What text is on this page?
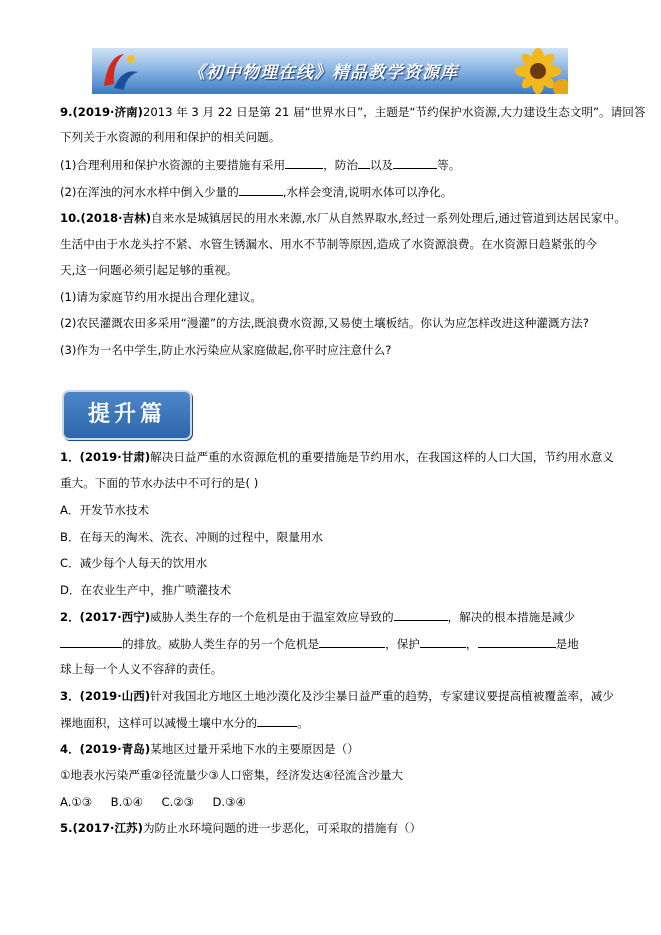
《初中物理在线》精品教学资源库
9.(2019·济南)2013 年 3 月 22 日是第 21 届“世界水日”，主题是“节约保护水资源,大力建设生态文明”。请回答
下列关于水资源的利用和保护的相关问题。
(1)合理利用和保护水资源的主要措施有采用	，防治 以及	等。
(2)在浑浊的河水水样中倒入少量的	,水样会变清,说明水体可以净化。
10.(2018·吉林)自来水是城镇居民的用水来源,水厂从自然界取水,经过一系列处理后,通过管道到达居民家中。
生活中由于水龙头拧不紧、水管生锈漏水、用水不节制等原因,造成了水资源浪费。在水资源日趋紧张的今
天,这一问题必须引起足够的重视。
(1)请为家庭节约用水提出合理化建议。
(2)农民灌溉农田多采用“漫灌”的方法,既浪费水资源,又易使土壤板结。你认为应怎样改进这种灌溉方法?
(3)作为一名中学生,防止水污染应从家庭做起,你平时应注意什么?
提升篇
1．(2019·甘肃)解决日益严重的水资源危机的重要措施是节约用水，在我国这样的人口大国，节约用水意义
重大。下面的节水办法中不可行的是( )
A．开发节水技术
B．在每天的淘米、洗衣、冲厕的过程中，限量用水
C．减少每个人每天的饮用水
D．在农业生产中，推广喷灌技术
2．(2017·西宁)威胁人类生存的一个危机是由于温室效应导致的	，解决的根本措施是减少
的排放。威胁人类生存的另一个危机是	，保护	，	是地
球上每一个人义不容辞的责任。
3．(2019·山西)针对我国北方地区土地沙漠化及沙尘暴日益严重的趋势，专家建议要提高植被覆盖率，减少
裸地面积，这样可以减慢土壤中水分的	。
4．(2019·青岛)某地区过量开采地下水的主要原因是（）
①地表水污染严重②径流量少③人口密集，经济发达④径流含沙量大
A.①③     B.①④     C.②③     D.③④
5.(2017·江苏)为防止水环境问题的进一步恶化，可采取的措施有（）
